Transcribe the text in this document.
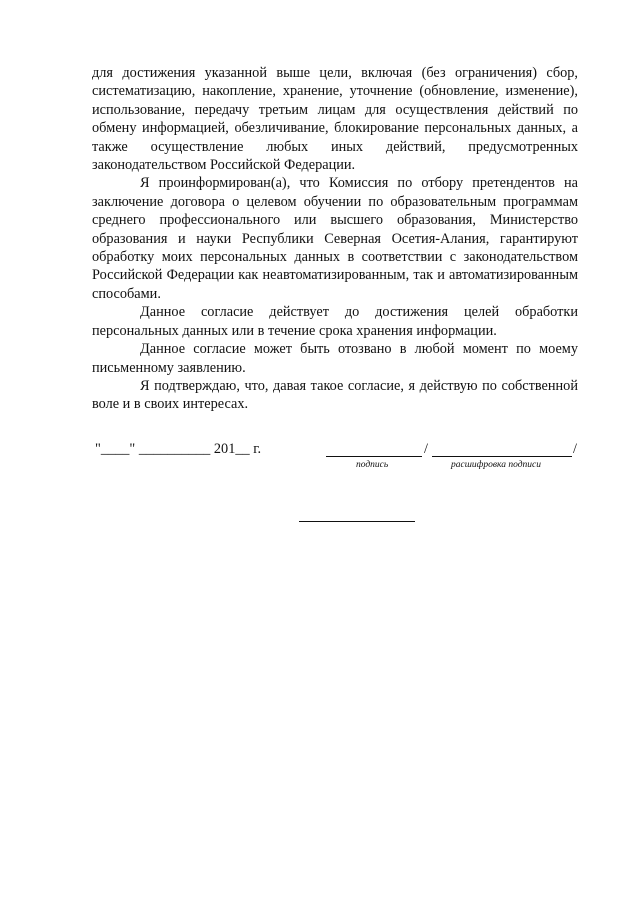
для достижения указанной выше цели, включая (без ограничения) сбор, систематизацию, накопление, хранение, уточнение (обновление, изменение), использование, передачу третьим лицам для осуществления действий по обмену информацией, обезличивание, блокирование персональных данных, а также осуществление любых иных действий, предусмотренных законодательством Российской Федерации.

Я проинформирован(а), что Комиссия по отбору претендентов на заключение договора о целевом обучении по образовательным программам среднего профессионального или высшего образования, Министерство образования и науки Республики Северная Осетия-Алания, гарантируют обработку моих персональных данных в соответствии с законодательством Российской Федерации как неавтоматизированным, так и автоматизированным способами.

Данное согласие действует до достижения целей обработки персональных данных или в течение срока хранения информации.

Данное согласие может быть отозвано в любой момент по моему письменному заявлению.

Я подтверждаю, что, давая такое согласие, я действую по собственной воле и в своих интересах.

"____" __________ 201__ г.	/	/
подпись	расшифровка подписи
